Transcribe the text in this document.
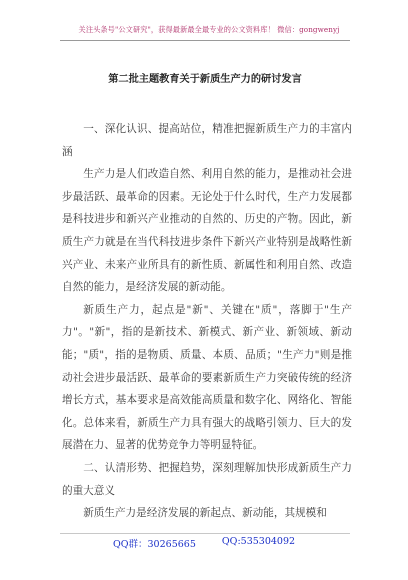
关注头条号"公文研究"，获得最新最全最专业的公文资料库！ 微信：gongwenyj
第二批主题教育关于新质生产力的研讨发言

一、深化认识、提高站位，精准把握新质生产力的丰富内涵

生产力是人们改造自然、利用自然的能力，是推动社会进步最活跃、最革命的因素。无论处于什么时代，生产力发展都是科技进步和新兴产业推动的自然的、历史的产物。因此，新质生产力就是在当代科技进步条件下新兴产业特别是战略性新兴产业、未来产业所具有的新性质、新属性和利用自然、改造自然的能力，是经济发展的新动能。

新质生产力，起点是"新"、关键在"质"，落脚于"生产力"。"新"，指的是新技术、新模式、新产业、新领域、新动能；"质"，指的是物质、质量、本质、品质；"生产力"则是推动社会进步最活跃、最革命的要素新质生产力突破传统的经济增长方式，基本要求是高效能高质量和数字化、网络化、智能化。总体来看，新质生产力具有强大的战略引领力、巨大的发展潜在力、显著的优势竞争力等明显特征。

二、认清形势、把握趋势，深刻理解加快形成新质生产力的重大意义

新质生产力是经济发展的新起点、新动能，其规模和

QQ群：30265665	QQ:535304092
